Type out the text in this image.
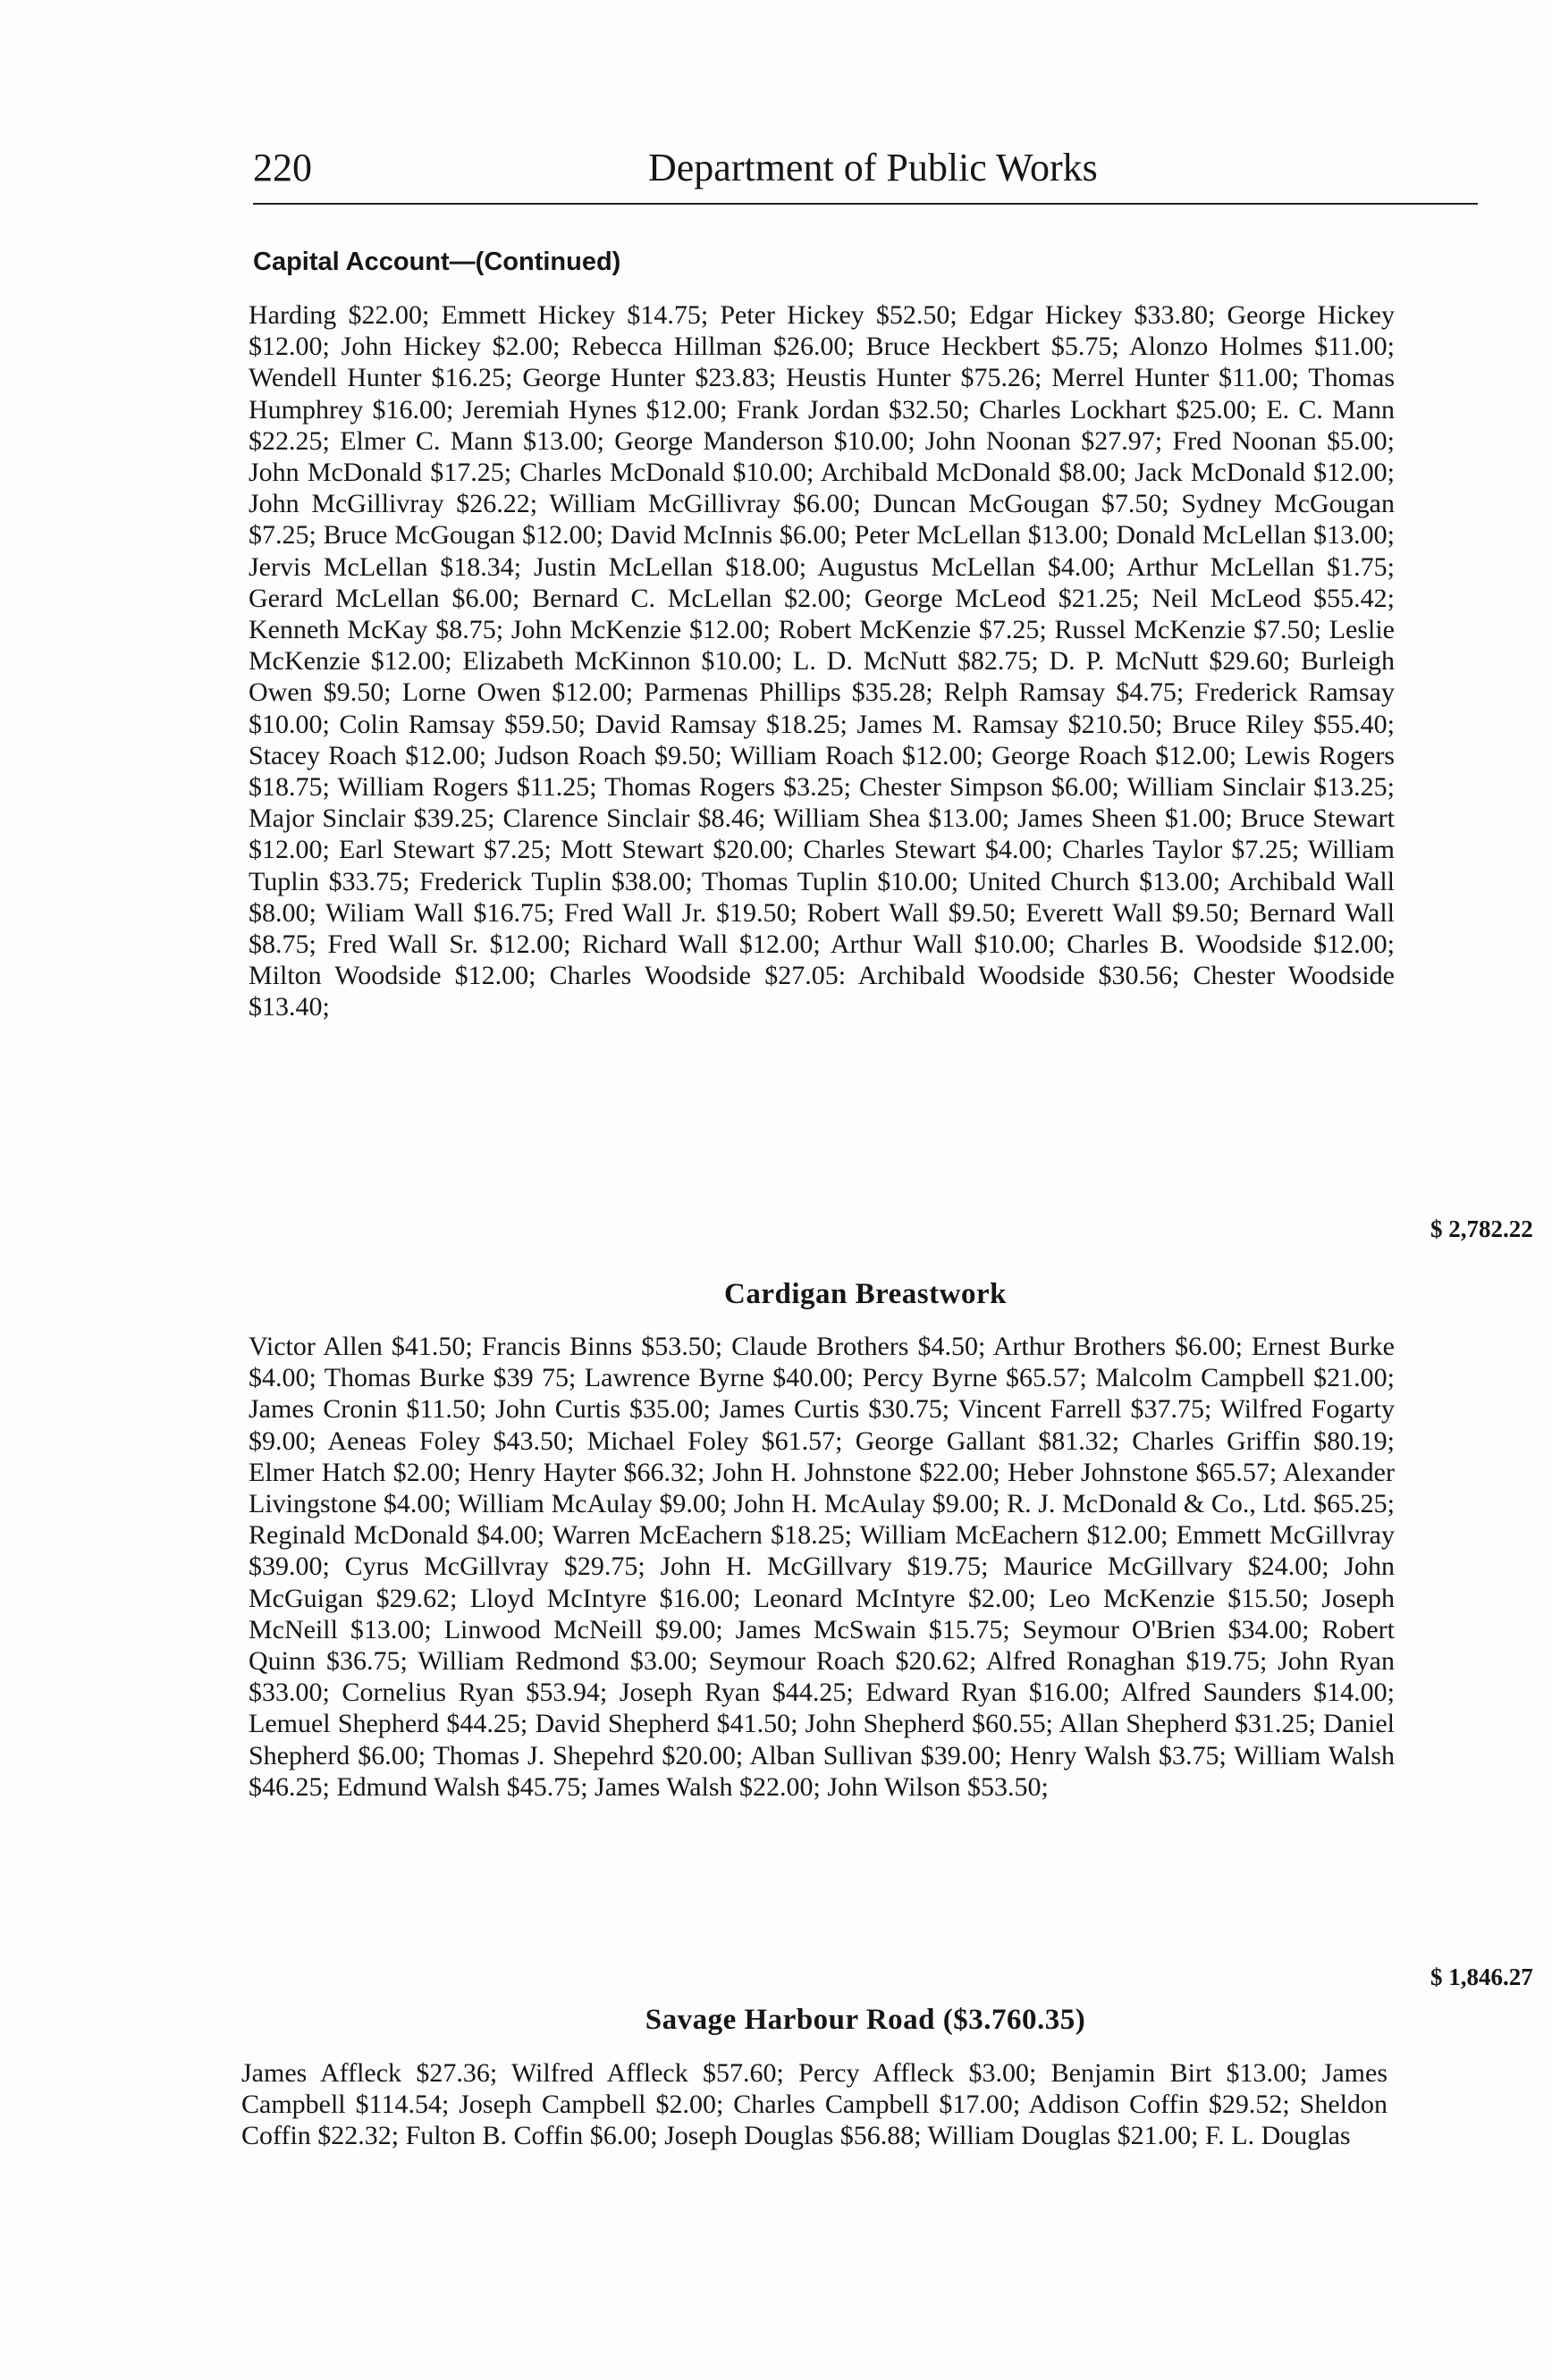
220	Department of Public Works
Capital Account—(Continued)

Harding $22.00; Emmett Hickey $14.75; Peter Hickey $52.50; Edgar Hickey $33.80; George Hickey $12.00; John Hickey $2.00; Rebecca Hillman $26.00; Bruce Heckbert $5.75; Alonzo Holmes $11.00; Wendell Hunter $16.25; George Hunter $23.83; Heustis Hunter $75.26; Merrel Hunter $11.00; Thomas Humphrey $16.00; Jeremiah Hynes $12.00; Frank Jordan $32.50; Charles Lockhart $25.00; E. C. Mann $22.25; Elmer C. Mann $13.00; George Manderson $10.00; John Noonan $27.97; Fred Noonan $5.00; John McDonald $17.25; Charles McDonald $10.00; Archibald McDonald $8.00; Jack McDonald $12.00; John McGillivray $26.22; William McGillivray $6.00; Duncan McGougan $7.50; Sydney McGougan $7.25; Bruce McGougan $12.00; David McInnis $6.00; Peter McLellan $13.00; Donald McLellan $13.00; Jervis McLellan $18.34; Justin McLellan $18.00; Augustus McLellan $4.00; Arthur McLellan $1.75; Gerard McLellan $6.00; Bernard C. McLellan $2.00; George McLeod $21.25; Neil McLeod $55.42; Kenneth McKay $8.75; John McKenzie $12.00; Robert McKenzie $7.25; Russel McKenzie $7.50; Leslie McKenzie $12.00; Elizabeth McKinnon $10.00; L. D. McNutt $82.75; D. P. McNutt $29.60; Burleigh Owen $9.50; Lorne Owen $12.00; Parmenas Phillips $35.28; Relph Ramsay $4.75; Frederick Ramsay $10.00; Colin Ramsay $59.50; David Ramsay $18.25; James M. Ramsay $210.50; Bruce Riley $55.40; Stacey Roach $12.00; Judson Roach $9.50; William Roach $12.00; George Roach $12.00; Lewis Rogers $18.75; William Rogers $11.25; Thomas Rogers $3.25; Chester Simpson $6.00; William Sinclair $13.25; Major Sinclair $39.25; Clarence Sinclair $8.46; William Shea $13.00; James Sheen $1.00; Bruce Stewart $12.00; Earl Stewart $7.25; Mott Stewart $20.00; Charles Stewart $4.00; Charles Taylor $7.25; William Tuplin $33.75; Frederick Tuplin $38.00; Thomas Tuplin $10.00; United Church $13.00; Archibald Wall $8.00; Wiliam Wall $16.75; Fred Wall Jr. $19.50; Robert Wall $9.50; Everett Wall $9.50; Bernard Wall $8.75; Fred Wall Sr. $12.00; Richard Wall $12.00; Arthur Wall $10.00; Charles B. Woodside $12.00; Milton Woodside $12.00; Charles Woodside $27.05: Archibald Woodside $30.56; Chester Woodside $13.40;

$ 2,782.22
Cardigan Breastwork

Victor Allen $41.50; Francis Binns $53.50; Claude Brothers $4.50; Arthur Brothers $6.00; Ernest Burke $4.00; Thomas Burke $39 75; Lawrence Byrne $40.00; Percy Byrne $65.57; Malcolm Campbell $21.00; James Cronin $11.50; John Curtis $35.00; James Curtis $30.75; Vincent Farrell $37.75; Wilfred Fogarty $9.00; Aeneas Foley $43.50; Michael Foley $61.57; George Gallant $81.32; Charles Griffin $80.19; Elmer Hatch $2.00; Henry Hayter $66.32; John H. Johnstone $22.00; Heber Johnstone $65.57; Alexander Livingstone $4.00; William McAulay $9.00; John H. McAulay $9.00; R. J. McDonald & Co., Ltd. $65.25; Reginald McDonald $4.00; Warren McEachern $18.25; William McEachern $12.00; Emmett McGillvray $39.00; Cyrus McGillvray $29.75; John H. McGillvary $19.75; Maurice McGillvary $24.00; John McGuigan $29.62; Lloyd McIntyre $16.00; Leonard McIntyre $2.00; Leo McKenzie $15.50; Joseph McNeill $13.00; Linwood McNeill $9.00; James McSwain $15.75; Seymour O'Brien $34.00; Robert Quinn $36.75; William Redmond $3.00; Seymour Roach $20.62; Alfred Ronaghan $19.75; John Ryan $33.00; Cornelius Ryan $53.94; Joseph Ryan $44.25; Edward Ryan $16.00; Alfred Saunders $14.00; Lemuel Shepherd $44.25; David Shepherd $41.50; John Shepherd $60.55; Allan Shepherd $31.25; Daniel Shepherd $6.00; Thomas J. Shepehrd $20.00; Alban Sullivan $39.00; Henry Walsh $3.75; William Walsh $46.25; Edmund Walsh $45.75; James Walsh $22.00; John Wilson $53.50;

$ 1,846.27
Savage Harbour Road ($3.760.35)

James Affleck $27.36; Wilfred Affleck $57.60; Percy Affleck $3.00; Benjamin Birt $13.00; James Campbell $114.54; Joseph Campbell $2.00; Charles Campbell $17.00; Addison Coffin $29.52; Sheldon Coffin $22.32; Fulton B. Coffin $6.00; Joseph Douglas $56.88; William Douglas $21.00; F. L. Douglas
